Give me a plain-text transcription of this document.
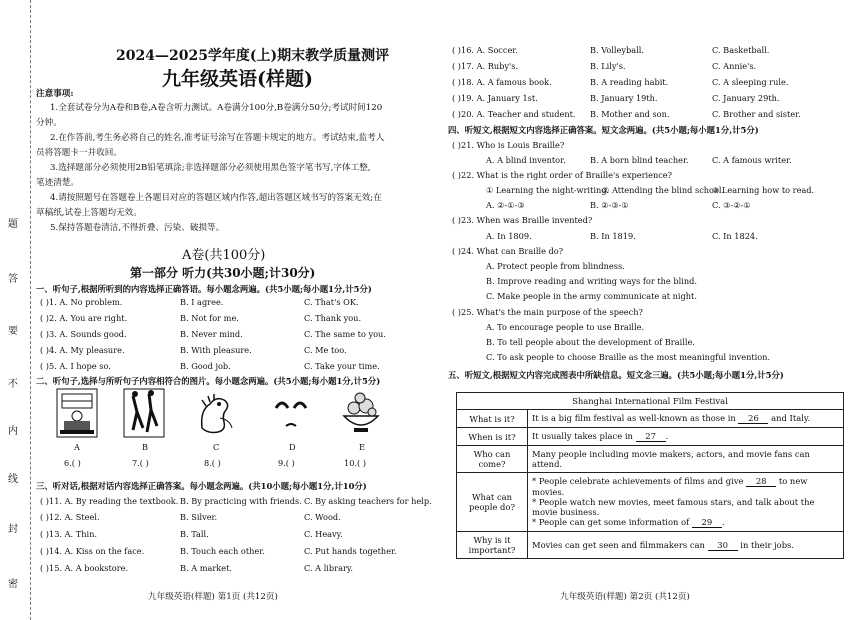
密
封
线
内
不
要
答
题
2024—2025学年度(上)期末教学质量测评
九年级英语(样题)
注意事项:
1.全套试卷分为A卷和B卷,A卷含听力测试。A卷满分100分,B卷满分50分;考试时间120
分钟。
2.在作答前,考生务必将自己的姓名,准考证号涂写在答题卡规定的地方。考试结束,监考人
员将答题卡一并收回。
3.选择题部分必须使用2B铅笔填涂;非选择题部分必须使用黑色签字笔书写,字体工整,
笔迹清楚。
4.请按照题号在答题卷上各题目对应的答题区域内作答,超出答题区域书写的答案无效;在
草稿纸,试卷上答题均无效。
5.保持答题卷清洁,不得折叠、污染、破损等。
A卷(共100分)
第一部分 听力(共30小题;计30分)
一、听句子,根据所听到的内容选择正确答语。每小题念两遍。(共5小题;每小题1分,计5分)
( )1. A. No problem.	B. I agree.	C. That's OK.
( )2. A. You are right.	B. Not for me.	C. Thank you.
( )3. A. Sounds good.	B. Never mind.	C. The same to you.
( )4. A. My pleasure.	B. With pleasure.	C. Me too.
( )5. A. I hope so.	B. Good job.	C. Take your time.
二、听句子,选择与所听句子内容相符合的图片。每小题念两遍。(共5小题;每小题1分,计5分)
A	B	C	D	E
6.( )	7.( )	8.( )	9.( )	10.( )
三、听对话,根据对话内容选择正确答案。每小题念两遍。(共10小题;每小题1分,计10分)
( )11. A. By reading the textbook. B. By practicing with friends. C. By asking teachers for help.
( )12. A. Steel.	B. Silver.	C. Wood.
( )13. A. Thin.	B. Tall.	C. Heavy.
( )14. A. Kiss on the face.	B. Touch each other.	C. Put hands together.
( )15. A. A bookstore.	B. A market.	C. A library.
九年级英语(样题) 第1页 (共12页)
( )16. A. Soccer.	B. Volleyball.	C. Basketball.
( )17. A. Ruby's.	B. Lily's.	C. Annie's.
( )18. A. A famous book.	B. A reading habit.	C. A sleeping rule.
( )19. A. January 1st.	B. January 19th.	C. January 29th.
( )20. A. Teacher and student. B. Mother and son.	C. Brother and sister.
四、听短文,根据短文内容选择正确答案。短文念两遍。(共5小题;每小题1分,计5分)
( )21. Who is Louis Braille?
A. A blind inventor.	B. A born blind teacher.	C. A famous writer.
( )22. What is the right order of Braille's experience?
① Learning the night-writing.
② Attending the blind school.
③ Learning how to read.
A. ②-①-③	B. ②-③-①	C. ③-②-①
( )23. When was Braille invented?
A. In 1809.	B. In 1819.	C. In 1824.
( )24. What can Braille do?
A. Protect people from blindness.
B. Improve reading and writing ways for the blind.
C. Make people in the army communicate at night.
( )25. What's the main purpose of the speech?
A. To encourage people to use Braille.
B. To tell people about the development of Braille.
C. To ask people to choose Braille as the most meaningful invention.
五、听短文,根据短文内容完成图表中所缺信息。短文念三遍。(共5小题;每小题1分,计5分)
Shanghai International Film Festival	
What is it?	It is a big film festival as well-known as those in 26 and Italy.
When is it?	It usually takes place in 27 .
Who can come?	Many people including movie makers, actors, and movie fans can attend.
What can people do?	* People celebrate achievements of films and give 28 to new movies.
* People watch new movies, meet famous stars, and talk about the movie business.
* People can get some information of 29 .

Why is it important?	Movies can get seen and filmmakers can 30 in their jobs.
九年级英语(样题) 第2页 (共12页)
